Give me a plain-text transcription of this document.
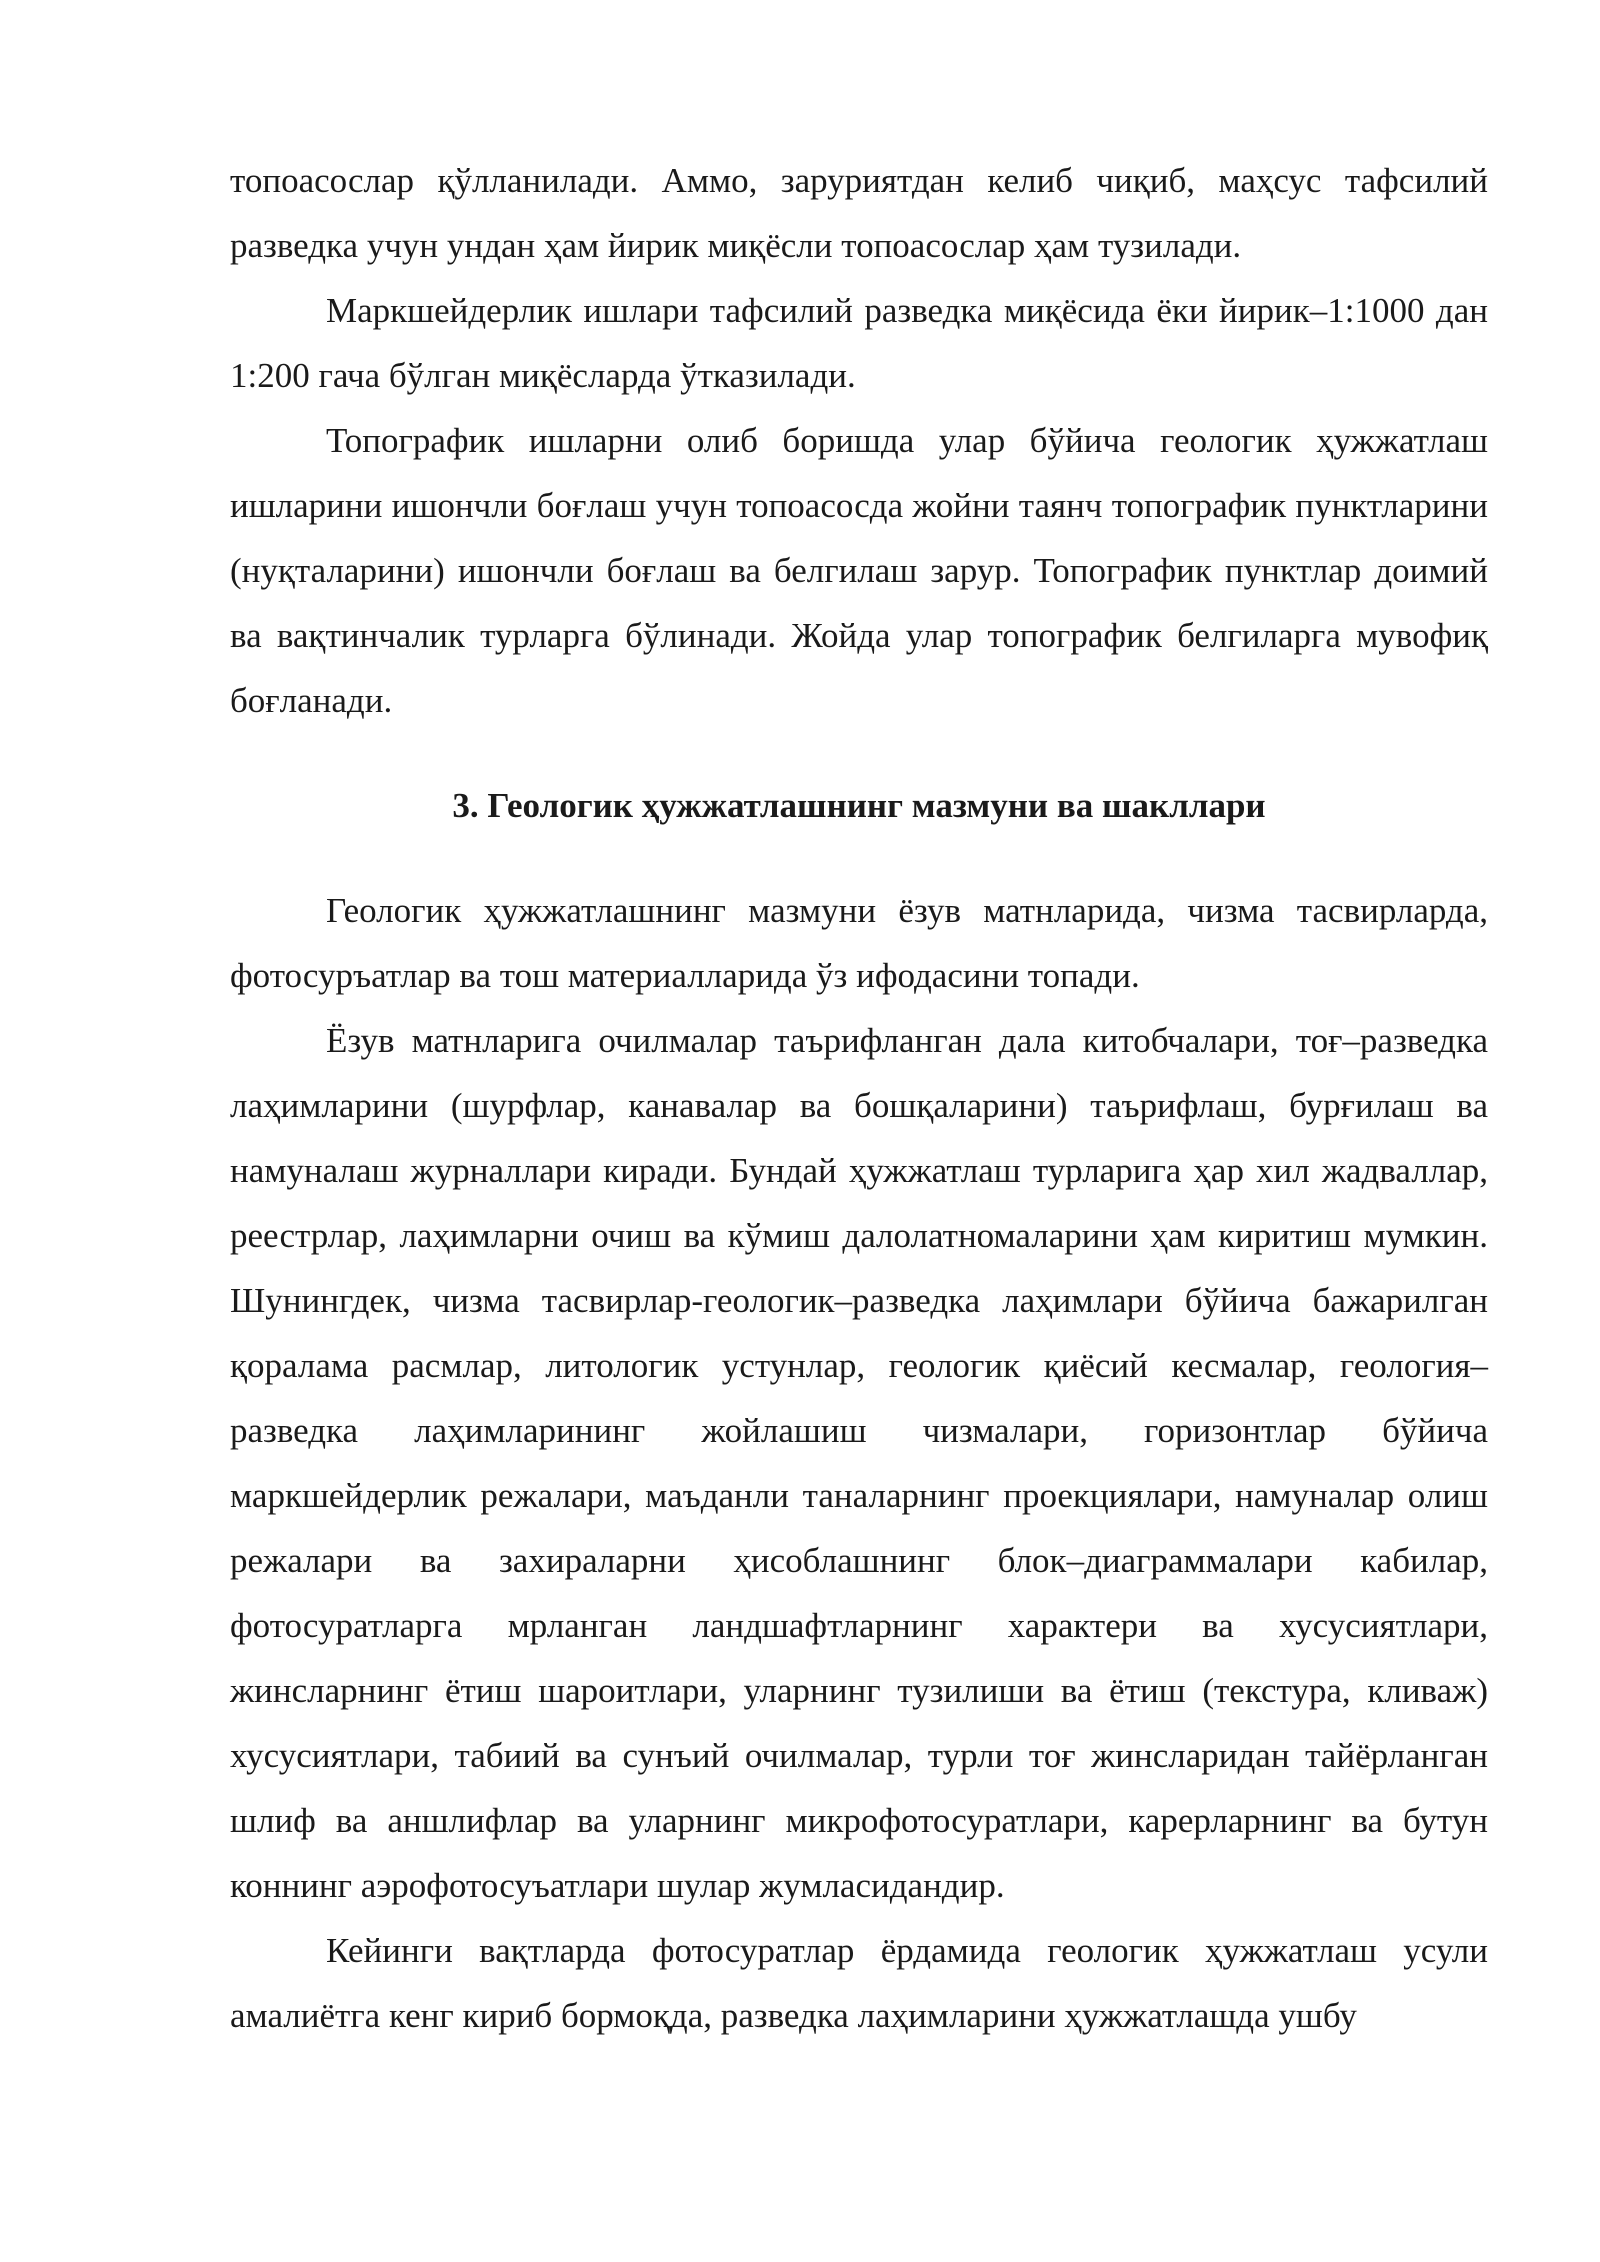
топоасослар қўлланилади. Аммо, заруриятдан келиб чиқиб, маҳсус тафсилий разведка учун ундан ҳам йирик миқёсли топоасослар ҳам тузилади.

Маркшейдерлик ишлари тафсилий разведка миқёсида ёки йирик–1:1000 дан 1:200 гача бўлган миқёсларда ўтказилади.

Топографик ишларни олиб боришда улар бўйича геологик ҳужжатлаш ишларини ишончли боғлаш учун топоасосда жойни таянч топографик пунктларини (нуқталарини) ишончли боғлаш ва белгилаш зарур. Топографик пунктлар доимий ва вақтинчалик турларга бўлинади. Жойда улар топографик белгиларга мувофиқ боғланади.

3. Геологик ҳужжатлашнинг мазмуни ва шакллари

Геологик ҳужжатлашнинг мазмуни ёзув матнларида, чизма тасвирларда, фотосуръатлар ва тош материалларида ўз ифодасини топади.

Ёзув матнларига очилмалар таърифланган дала китобчалари, тоғ–разведка лаҳимларини (шурфлар, канавалар ва бошқаларини) таърифлаш, бурғилаш ва намуналаш журналлари киради. Бундай ҳужжатлаш турларига ҳар хил жадваллар, реестрлар, лаҳимларни очиш ва кўмиш далолатномаларини ҳам киритиш мумкин. Шунингдек, чизма тасвирлар-геологик–разведка лаҳимлари бўйича бажарилган қоралама расмлар, литологик устунлар, геологик қиёсий кесмалар, геология–разведка лаҳимларининг жойлашиш чизмалари, горизонтлар бўйича маркшейдерлик режалари, маъданли таналарнинг проекциялари, намуналар олиш режалари ва захираларни ҳисоблашнинг блок–диаграммалари кабилар, фотосуратларга мрланган ландшафтларнинг характери ва хусусиятлари, жинсларнинг ётиш шароитлари, уларнинг тузилиши ва ётиш (текстура, кливаж) хусусиятлари, табиий ва сунъий очилмалар, турли тоғ жинсларидан тайёрланган шлиф ва аншлифлар ва уларнинг микрофотосуратлари, карерларнинг ва бутун коннинг аэрофотосуъатлари шулар жумласидандир.

Кейинги вақтларда фотосуратлар ёрдамида геологик ҳужжатлаш усули амалиётга кенг кириб бормоқда, разведка лаҳимларини ҳужжатлашда ушбу
